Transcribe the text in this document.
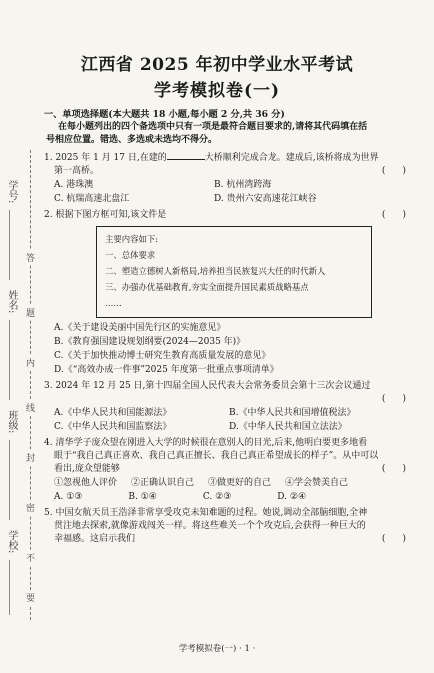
学号:
姓名:
班级:
学校:
答
题
内
线
封
密
不
要
江西省 2025 年初中学业水平考试
学考模拟卷(一)
一、单项选择题(本大题共 18 小题,每小题 2 分,共 36 分)
在每小题列出的四个备选项中只有一项是最符合题目要求的,请将其代码填在括
号相应位置。错选、多选或未选均不得分。
1. 2025 年 1 月 17 日,在建的	大桥顺利完成合龙。建成后,该桥将成为世界
第一高桥。	(      )
A. 港珠澳	B. 杭州湾跨海
C. 杭瑞高速北盘江	D. 贵州六安高速花江峡谷
2. 根据下图方框可知,该文件是	(      )
主要内容如下:
一、总体要求
二、塑造立德树人新格局,培养担当民族复兴大任的时代新人
三、办强办优基础教育,夯实全面提升国民素质战略基点
……
A.《关于建设美丽中国先行区的实施意见》
B.《教育强国建设规划纲要(2024—2035 年)》
C.《关于加快推动博士研究生教育高质量发展的意见》
D.《“高效办成一件事”2025 年度第一批重点事项清单》
3. 2024 年 12 月 25 日,第十四届全国人民代表大会常务委员会第十三次会议通过
(      )
A.《中华人民共和国能源法》	B.《中华人民共和国增值税法》
C.《中华人民共和国监察法》	D.《中华人民共和国立法法》
4. 清华学子庞众望在刚进入大学的时候很在意别人的目光,后来,他明白要更多地看
眼于“我自己真正喜欢、我自己真正擅长、我自己真正希望成长的样子”。从中可以
看出,庞众望能够	(      )
①忽视他人评价 ②正确认识自己 ③做更好的自己 ④学会赞美自己
A. ①③	B. ①④	C. ②③	D. ②④
5. 中国女航天员王浩泽非常享受攻克未知难题的过程。她说,调动全部脑细胞,全神
贯注地去探索,就像游戏闯关一样。将这些难关一个个攻克后,会获得一种巨大的
幸福感。这启示我们	(      )
学考模拟卷(一) · 1 ·
